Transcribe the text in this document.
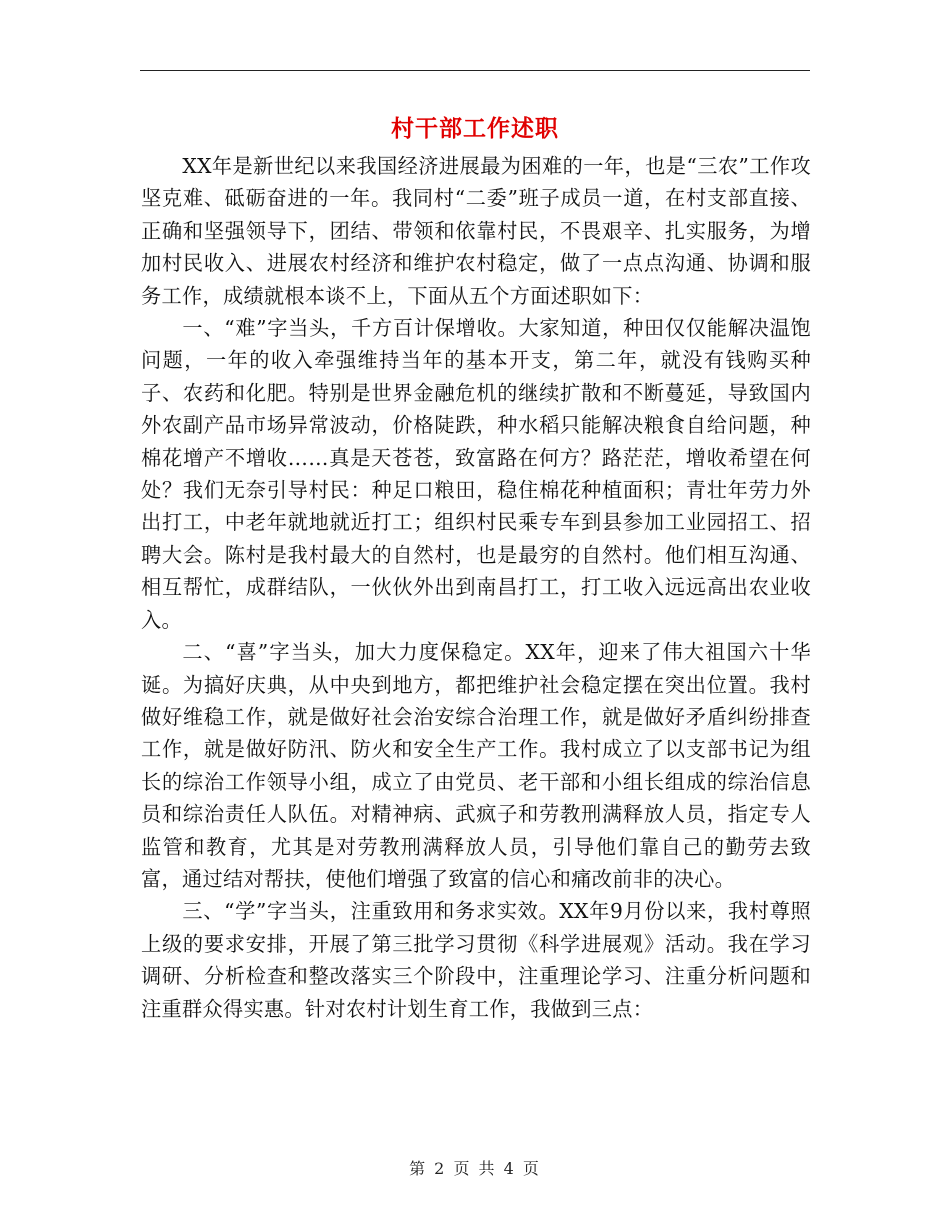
村干部工作述职

XX年是新世纪以来我国经济进展最为困难的一年，也是“三农”工作攻坚克难、砥砺奋进的一年。我同村“二委”班子成员一道，在村支部直接、正确和坚强领导下，团结、带领和依靠村民，不畏艰辛、扎实服务，为增加村民收入、进展农村经济和维护农村稳定，做了一点点沟通、协调和服务工作，成绩就根本谈不上，下面从五个方面述职如下：

一、“难”字当头，千方百计保增收。大家知道，种田仅仅能解决温饱问题，一年的收入牵强维持当年的基本开支，第二年，就没有钱购买种子、农药和化肥。特别是世界金融危机的继续扩散和不断蔓延，导致国内外农副产品市场异常波动，价格陡跌，种水稻只能解决粮食自给问题，种棉花增产不增收……真是天苍苍，致富路在何方？路茫茫，增收希望在何处？我们无奈引导村民：种足口粮田，稳住棉花种植面积；青壮年劳力外出打工，中老年就地就近打工；组织村民乘专车到县参加工业园招工、招聘大会。陈村是我村最大的自然村，也是最穷的自然村。他们相互沟通、相互帮忙，成群结队，一伙伙外出到南昌打工，打工收入远远高出农业收入。

二、“喜”字当头，加大力度保稳定。XX年，迎来了伟大祖国六十华诞。为搞好庆典，从中央到地方，都把维护社会稳定摆在突出位置。我村做好维稳工作，就是做好社会治安综合治理工作，就是做好矛盾纠纷排查工作，就是做好防汛、防火和安全生产工作。我村成立了以支部书记为组长的综治工作领导小组，成立了由党员、老干部和小组长组成的综治信息员和综治责任人队伍。对精神病、武疯子和劳教刑满释放人员，指定专人监管和教育，尤其是对劳教刑满释放人员，引导他们靠自己的勤劳去致富，通过结对帮扶，使他们增强了致富的信心和痛改前非的决心。

三、“学”字当头，注重致用和务求实效。XX年9月份以来，我村尊照上级的要求安排，开展了第三批学习贯彻《科学进展观》活动。我在学习调研、分析检查和整改落实三个阶段中，注重理论学习、注重分析问题和注重群众得实惠。针对农村计划生育工作，我做到三点：

第 2 页 共 4 页
